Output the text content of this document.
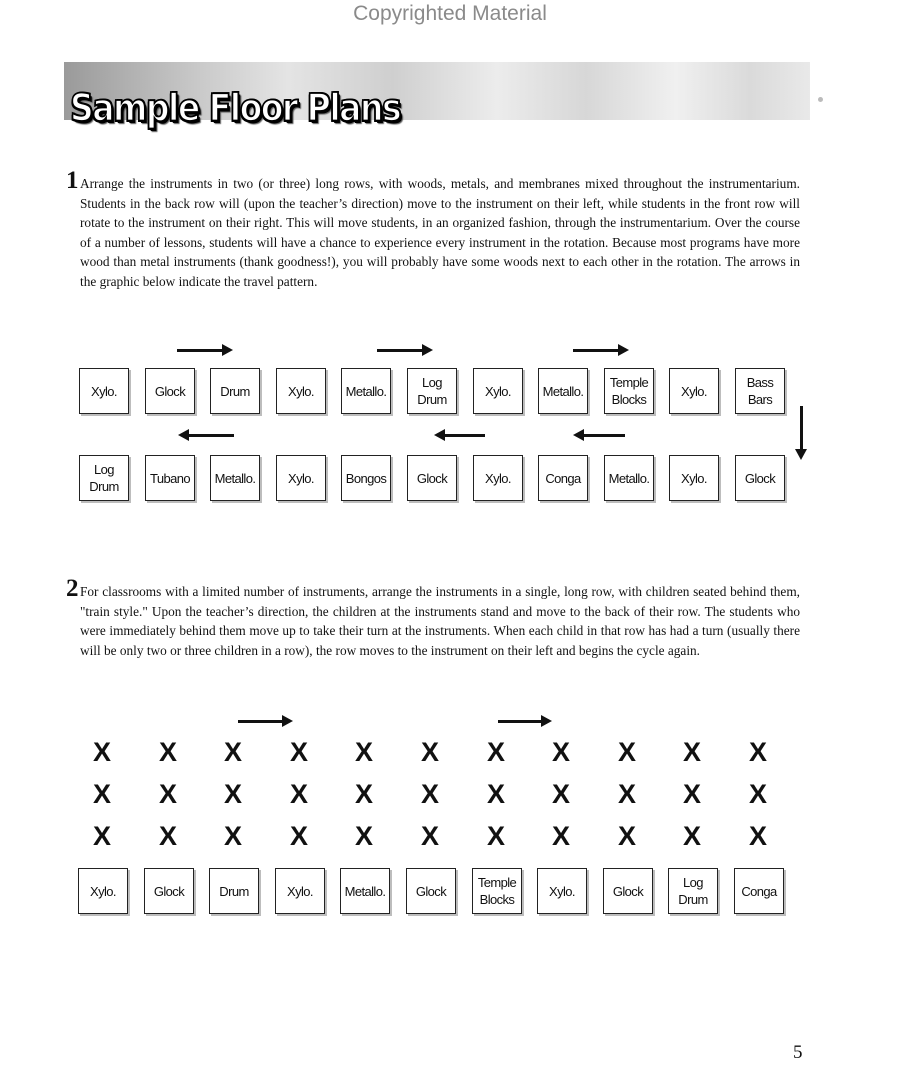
Copyrighted Material
Sample Floor Plans
1 Arrange the instruments in two (or three) long rows, with woods, metals, and membranes mixed throughout the instrumentarium. Students in the back row will (upon the teacher’s direction) move to the instrument on their left, while students in the front row will rotate to the instrument on their right. This will move students, in an organized fashion, through the instrumentarium. Over the course of a number of lessons, students will have a chance to experience every instrument in the rotation. Because most programs have more wood than metal instruments (thank goodness!), you will probably have some woods next to each other in the rotation. The arrows in the graphic below indicate the travel pattern.

Xylo.	Glock	Drum	Xylo.	Metallo.
Log
Drum
Xylo.	Metallo.
Temple
Blocks
Xylo.
Bass
Bars
Log
Drum
Tubano	Metallo.	Xylo.	Bongos	Glock	Xylo.	Conga	Metallo.	Xylo.	Glock
2 For classrooms with a limited number of instruments, arrange the instruments in a single, long row, with children seated behind them, "train style." Upon the teacher’s direction, the children at the instruments stand and move to the back of their row. The students who were immediately behind them move up to take their turn at the instruments. When each child in that row has had a turn (usually there will be only two or three children in a row), the row moves to the instrument on their left and begins the cycle again.

Xylo.	Glock	Drum	Xylo.	Metallo.	Glock
Temple
Blocks
Xylo.	Glock
Log
Drum
Conga
X X X X X X X X X X X
X X X X X X X X X X X
X X X X X X X X X X X
5
